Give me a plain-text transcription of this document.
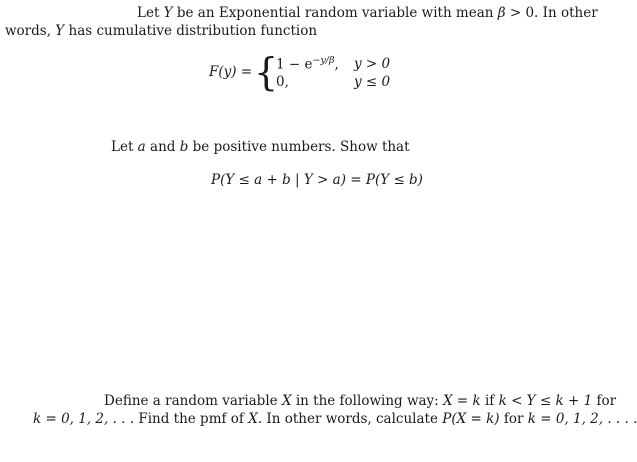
Let Y be an Exponential random variable with mean β > 0. In other
words, Y has cumulative distribution function
F(y) = {
$1 - e^{-y/\beta}$, y > 0
0,	y ≤ 0
Let a and b be positive numbers. Show that
P(Y ≤ a + b | Y > a) = P(Y ≤ b)
Define a random variable X in the following way: X = k if k < Y ≤ k + 1 for
k = 0, 1, 2, . . . Find the pmf of X. In other words, calculate P(X = k) for k = 0, 1, 2, . . . .
